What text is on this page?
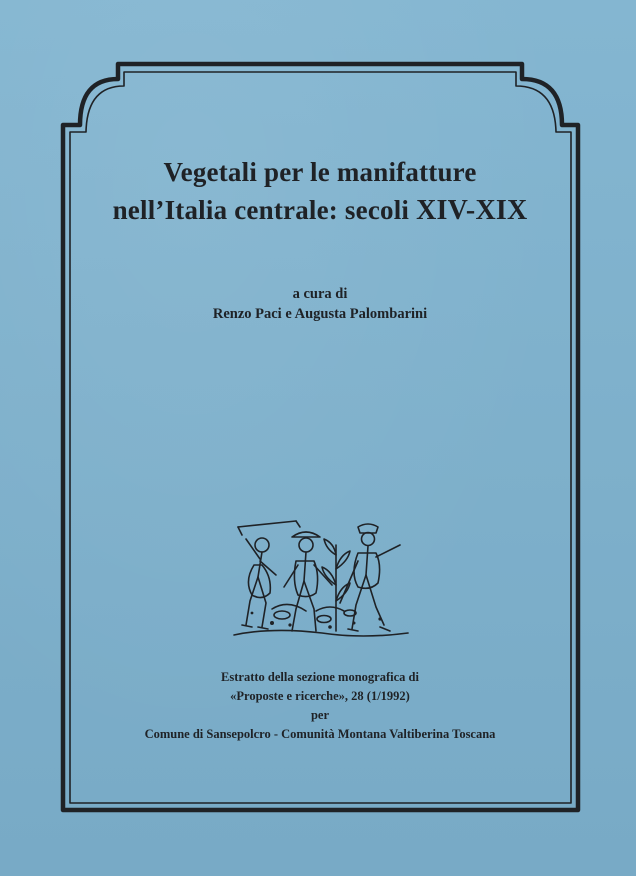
Vegetali per le manifatture

nell’Italia centrale: secoli XIV-XIX

a cura di

Renzo Paci e Augusta Palombarini

Estratto della sezione monografica di

«Proposte e ricerche», 28 (1/1992)

per

Comune di Sansepolcro - Comunità Montana Valtiberina Toscana
